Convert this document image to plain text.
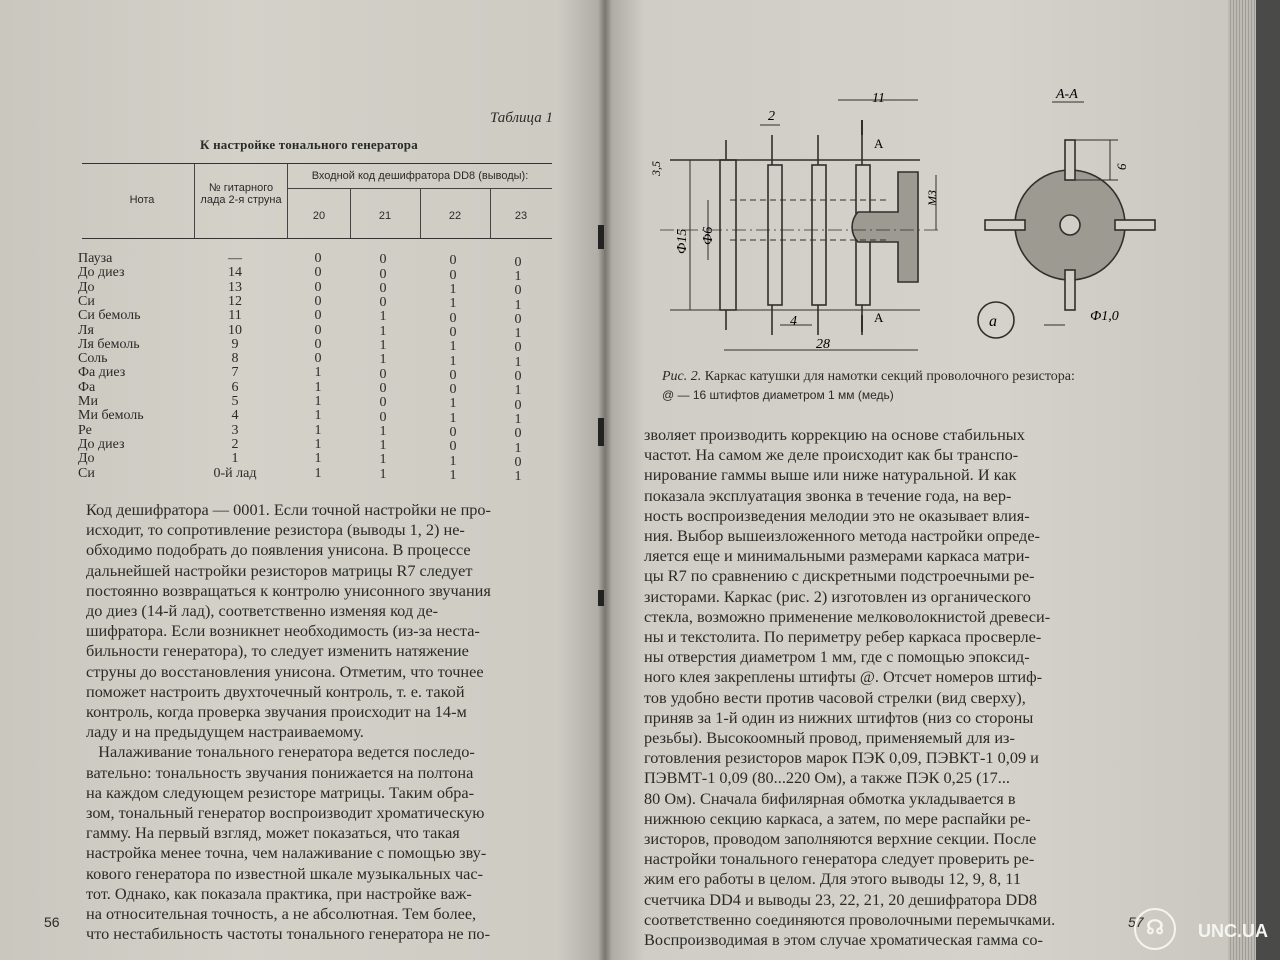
Таблица 1
К настройке тонального генератора
Нота
№ гитарного лада 2-я струна
Входной код дешифратора DD8 (выводы):
20	21	22	23
Пауза	—	0	0	0	0
До диез	14	0	0	0	1
До	13	0	0	1	0
Си	12	0	0	1	1
Си бемоль	11	0	1	0	0
Ля	10	0	1	0	1
Ля бемоль	9	0	1	1	0
Соль	8	0	1	1	1
Фа диез	7	1	0	0	0
Фа	6	1	0	0	1
Ми	5	1	0	1	0
Ми бемоль	4	1	0	1	1
Ре	3	1	1	0	0
До диез	2	1	1	0	1
До	1	1	1	1	0
Си	0-й лад	1	1	1	1
Код дешифратора — 0001. Если точной настройки не про-
исходит, то сопротивление резистора (выводы 1, 2) не-
обходимо подобрать до появления унисона. В процессе
дальнейшей настройки резисторов матрицы R7 следует
постоянно возвращаться к контролю унисонного звучания
до диез (14-й лад), соответственно изменяя код де-
шифратора. Если возникнет необходимость (из-за неста-
бильности генератора), то следует изменить натяжение
струны до восстановления унисона. Отметим, что точнее
поможет настроить двухточечный контроль, т. е. такой
контроль, когда проверка звучания происходит на 14-м
ладу и на предыдущем настраиваемому.
Налаживание тонального генератора ведется последо-
вательно: тональность звучания понижается на полтона
на каждом следующем резисторе матрицы. Таким обра-
зом, тональный генератор воспроизводит хроматическую
гамму. На первый взгляд, может показаться, что такая
настройка менее точна, чем налаживание с помощью зву-
кового генератора по известной шкале музыкальных час-
тот. Однако, как показала практика, при настройке важ-
на относительная точность, а не абсолютная. Тем более,
что нестабильность частоты тонального генератора не по-
56
11
2
3,5
Ф15 Ф6
4
28
МЗ
А
А
А-А
6
Ф1,0
а
Рис. 2. Каркас катушки для намотки секций проволочного резистора:
@ — 16 штифтов диаметром 1 мм (медь)
зволяет производить коррекцию на основе стабильных
частот. На самом же деле происходит как бы транспо-
нирование гаммы выше или ниже натуральной. И как
показала эксплуатация звонка в течение года, на вер-
ность воспроизведения мелодии это не оказывает влия-
ния. Выбор вышеизложенного метода настройки опреде-
ляется еще и минимальными размерами каркаса матри-
цы R7 по сравнению с дискретными подстроечными ре-
зисторами. Каркас (рис. 2) изготовлен из органического
стекла, возможно применение мелковолокнистой древеси-
ны и текстолита. По периметру ребер каркаса просверле-
ны отверстия диаметром 1 мм, где с помощью эпоксид-
ного клея закреплены штифты @. Отсчет номеров штиф-
тов удобно вести против часовой стрелки (вид сверху),
приняв за 1-й один из нижних штифтов (низ со стороны
резьбы). Высокоомный провод, применяемый для из-
готовления резисторов марок ПЭК 0,09, ПЭВКТ-1 0,09 и
ПЭВМТ-1 0,09 (80...220 Ом), а также ПЭК 0,25 (17...
80 Ом). Сначала бифилярная обмотка укладывается в
нижнюю секцию каркаса, а затем, по мере распайки ре-
зисторов, проводом заполняются верхние секции. После
настройки тонального генератора следует проверить ре-
жим его работы в целом. Для этого выводы 12, 9, 8, 11
счетчика DD4 и выводы 23, 22, 21, 20 дешифратора DD8
соответственно соединяются проволочными перемычками.
Воспроизводимая в этом случае хроматическая гамма со-
57 ☊	UNC.UA
